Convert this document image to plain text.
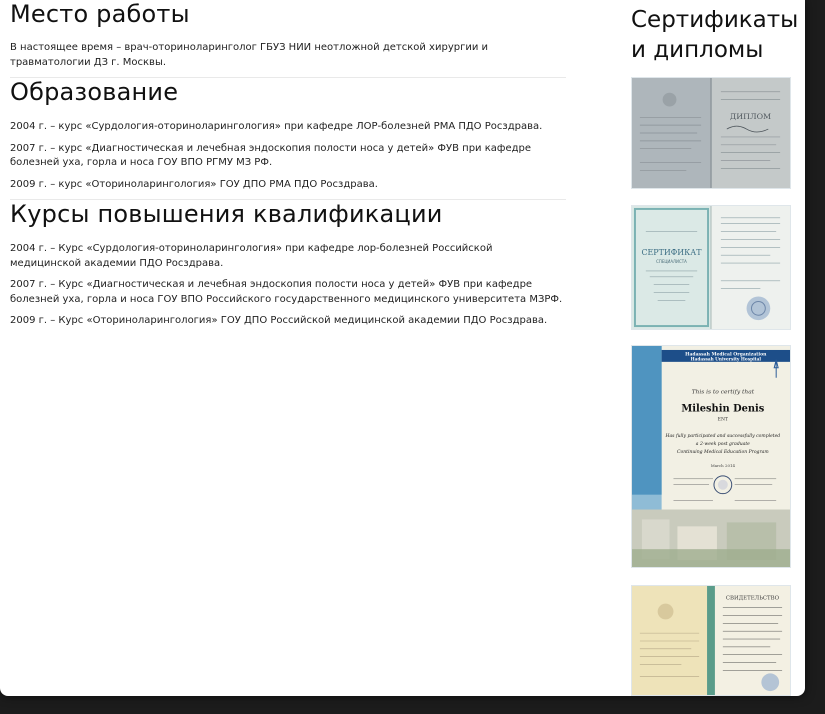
Место работы

В настоящее время – врач-оториноларинголог ГБУЗ НИИ неотложной детской хирургии и травматологии ДЗ г. Москвы.

Образование

2004 г. – курс «Сурдология-оториноларингология» при кафедре ЛОР-болезней РМА ПДО Росздрава.

2007 г. – курс «Диагностическая и лечебная эндоскопия полости носа у детей» ФУВ при кафедре болезней уха, горла и носа ГОУ ВПО РГМУ МЗ РФ.

2009 г. – курс «Оториноларингология» ГОУ ДПО РМА ПДО Росздрава.

Курсы повышения квалификации

2004 г. – Курс «Сурдология-оториноларингология» при кафедре лор-болезней Российской медицинской академии ПДО Росздрава.

2007 г. – Курс «Диагностическая и лечебная эндоскопия полости носа у детей» ФУВ при кафедре болезней уха, горла и носа ГОУ ВПО Российского государственного медицинского университета МЗРФ.

2009 г. – Курс «Оториноларингология» ГОУ ДПО Российской медицинской академии ПДО Росздрава.

Сертификаты
и дипломы
ДИПЛОМ
СЕРТИФИКАТ
СПЕЦИАЛИСТА
Hadassah Medical Organization
Hadassah University Hospital
This is to certify that
Mileshin Denis
ENT
Has fully participated and successfully completed
a 2-week post graduate
Continuing Medical Education Program
March 2014
СВИДЕТЕЛЬСТВО
